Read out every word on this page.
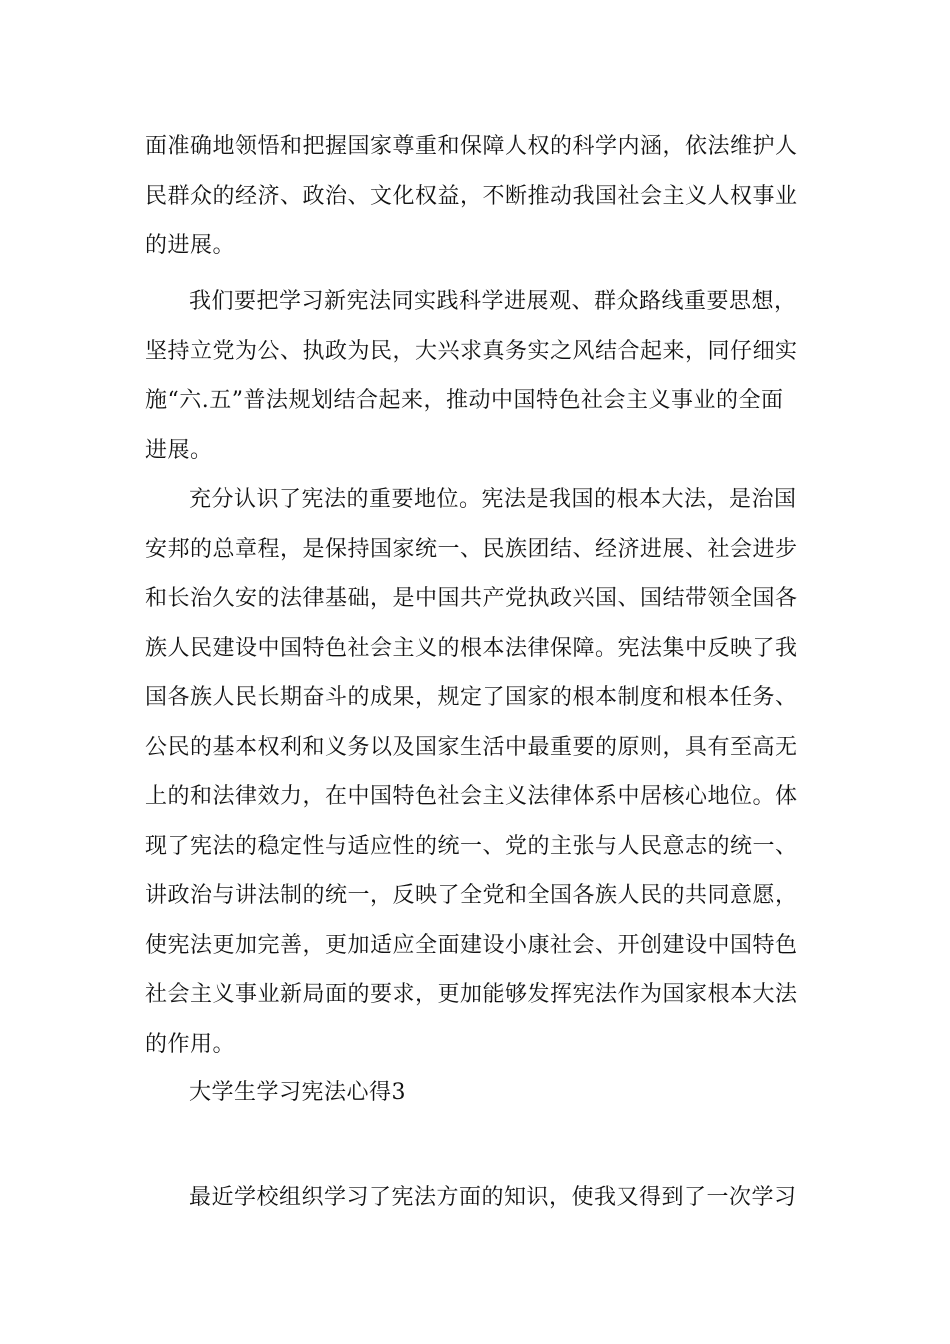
面准确地领悟和把握国家尊重和保障人权的科学内涵，依法维护人
民群众的经济、政治、文化权益，不断推动我国社会主义人权事业
的进展。
我们要把学习新宪法同实践科学进展观、群众路线重要思想，
坚持立党为公、执政为民，大兴求真务实之风结合起来，同仔细实
施“六.五”普法规划结合起来，推动中国特色社会主义事业的全面
进展。
充分认识了宪法的重要地位。宪法是我国的根本大法，是治国
安邦的总章程，是保持国家统一、民族团结、经济进展、社会进步
和长治久安的法律基础，是中国共产党执政兴国、国结带领全国各
族人民建设中国特色社会主义的根本法律保障。宪法集中反映了我
国各族人民长期奋斗的成果，规定了国家的根本制度和根本任务、
公民的基本权利和义务以及国家生活中最重要的原则，具有至高无
上的和法律效力，在中国特色社会主义法律体系中居核心地位。体
现了宪法的稳定性与适应性的统一、党的主张与人民意志的统一、
讲政治与讲法制的统一，反映了全党和全国各族人民的共同意愿，
使宪法更加完善，更加适应全面建设小康社会、开创建设中国特色
社会主义事业新局面的要求，更加能够发挥宪法作为国家根本大法
的作用。
大学生学习宪法心得3
最近学校组织学习了宪法方面的知识，使我又得到了一次学习
